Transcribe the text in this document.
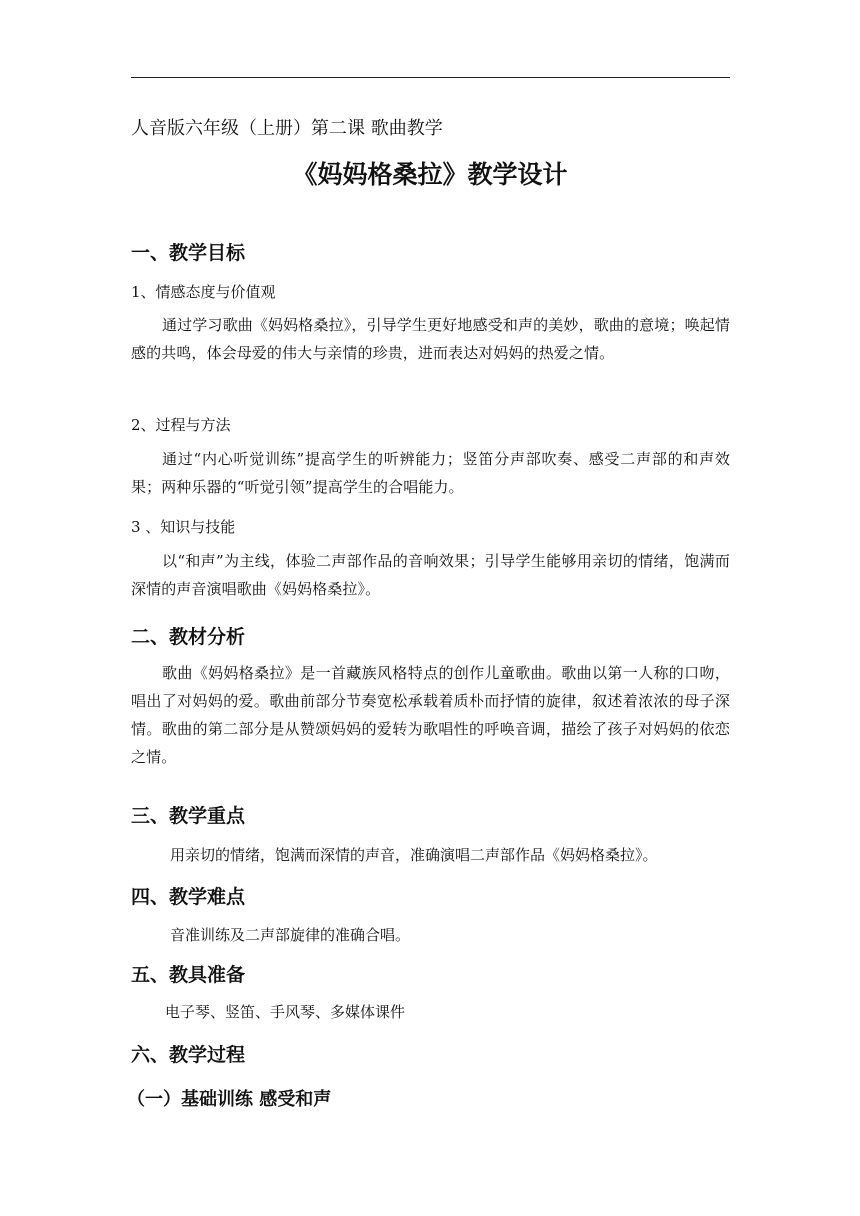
人音版六年级（上册）第二课 歌曲教学
《妈妈格桑拉》教学设计
一、教学目标
1、情感态度与价值观
通过学习歌曲《妈妈格桑拉》，引导学生更好地感受和声的美妙，歌曲的意境；唤起情感的共鸣，体会母爱的伟大与亲情的珍贵，进而表达对妈妈的热爱之情。
2、过程与方法
通过“内心听觉训练”提高学生的听辨能力；竖笛分声部吹奏、感受二声部的和声效果；两种乐器的“听觉引领”提高学生的合唱能力。
3 、知识与技能
以“和声”为主线，体验二声部作品的音响效果；引导学生能够用亲切的情绪，饱满而深情的声音演唱歌曲《妈妈格桑拉》。
二、教材分析
歌曲《妈妈格桑拉》是一首藏族风格特点的创作儿童歌曲。歌曲以第一人称的口吻，唱出了对妈妈的爱。歌曲前部分节奏宽松承载着质朴而抒情的旋律，叙述着浓浓的母子深情。歌曲的第二部分是从赞颂妈妈的爱转为歌唱性的呼唤音调，描绘了孩子对妈妈的依恋之情。
三、教学重点
用亲切的情绪，饱满而深情的声音，准确演唱二声部作品《妈妈格桑拉》。
四、教学难点
音准训练及二声部旋律的准确合唱。
五、教具准备
电子琴、竖笛、手风琴、多媒体课件
六、教学过程
（一）基础训练 感受和声
